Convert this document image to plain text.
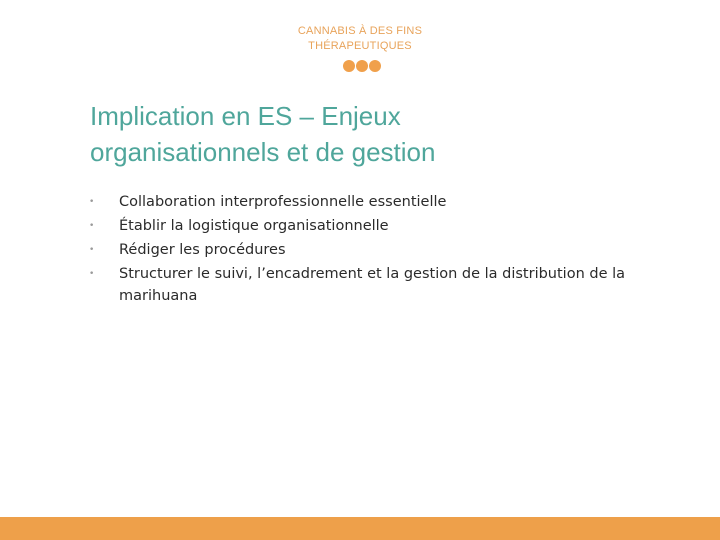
CANNABIS À DES FINS
THÉRAPEUTIQUES
Implication en ES – Enjeux
organisationnels et de gestion
•	Collaboration interprofessionnelle essentielle
•	Établir la logistique organisationnelle
•	Rédiger les procédures
•	Structurer le suivi, l’encadrement et la gestion de la distribution de la marihuana
